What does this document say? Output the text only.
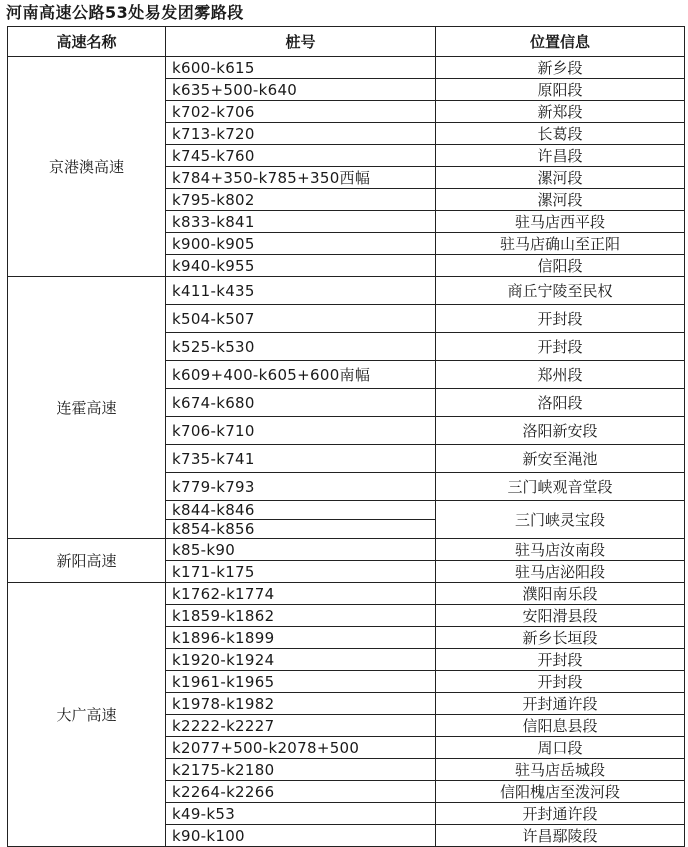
河南高速公路53处易发团雾路段
高速名称	桩号	位置信息
京港澳高速	k600-k615	新乡段
	k635+500-k640	原阳段
	k702-k706	新郑段
	k713-k720	长葛段
	k745-k760	许昌段
	k784+350-k785+350西幅	漯河段
	k795-k802	漯河段
	k833-k841	驻马店西平段
	k900-k905	驻马店确山至正阳
	k940-k955	信阳段
连霍高速	k411-k435	商丘宁陵至民权
	k504-k507	开封段
	k525-k530	开封段
	k609+400-k605+600南幅	郑州段
	k674-k680	洛阳段
	k706-k710	洛阳新安段
	k735-k741	新安至渑池
	k779-k793	三门峡观音堂段
	k844-k846	三门峡灵宝段
	k854-k856	
新阳高速	k85-k90	驻马店汝南段
	k171-k175	驻马店泌阳段
大广高速	k1762-k1774	濮阳南乐段
	k1859-k1862	安阳滑县段
	k1896-k1899	新乡长垣段
	k1920-k1924	开封段
	k1961-k1965	开封段
	k1978-k1982	开封通许段
	k2222-k2227	信阳息县段
	k2077+500-k2078+500	周口段
	k2175-k2180	驻马店岳城段
	k2264-k2266	信阳槐店至泼河段
	k49-k53	开封通许段
	k90-k100	许昌鄢陵段
